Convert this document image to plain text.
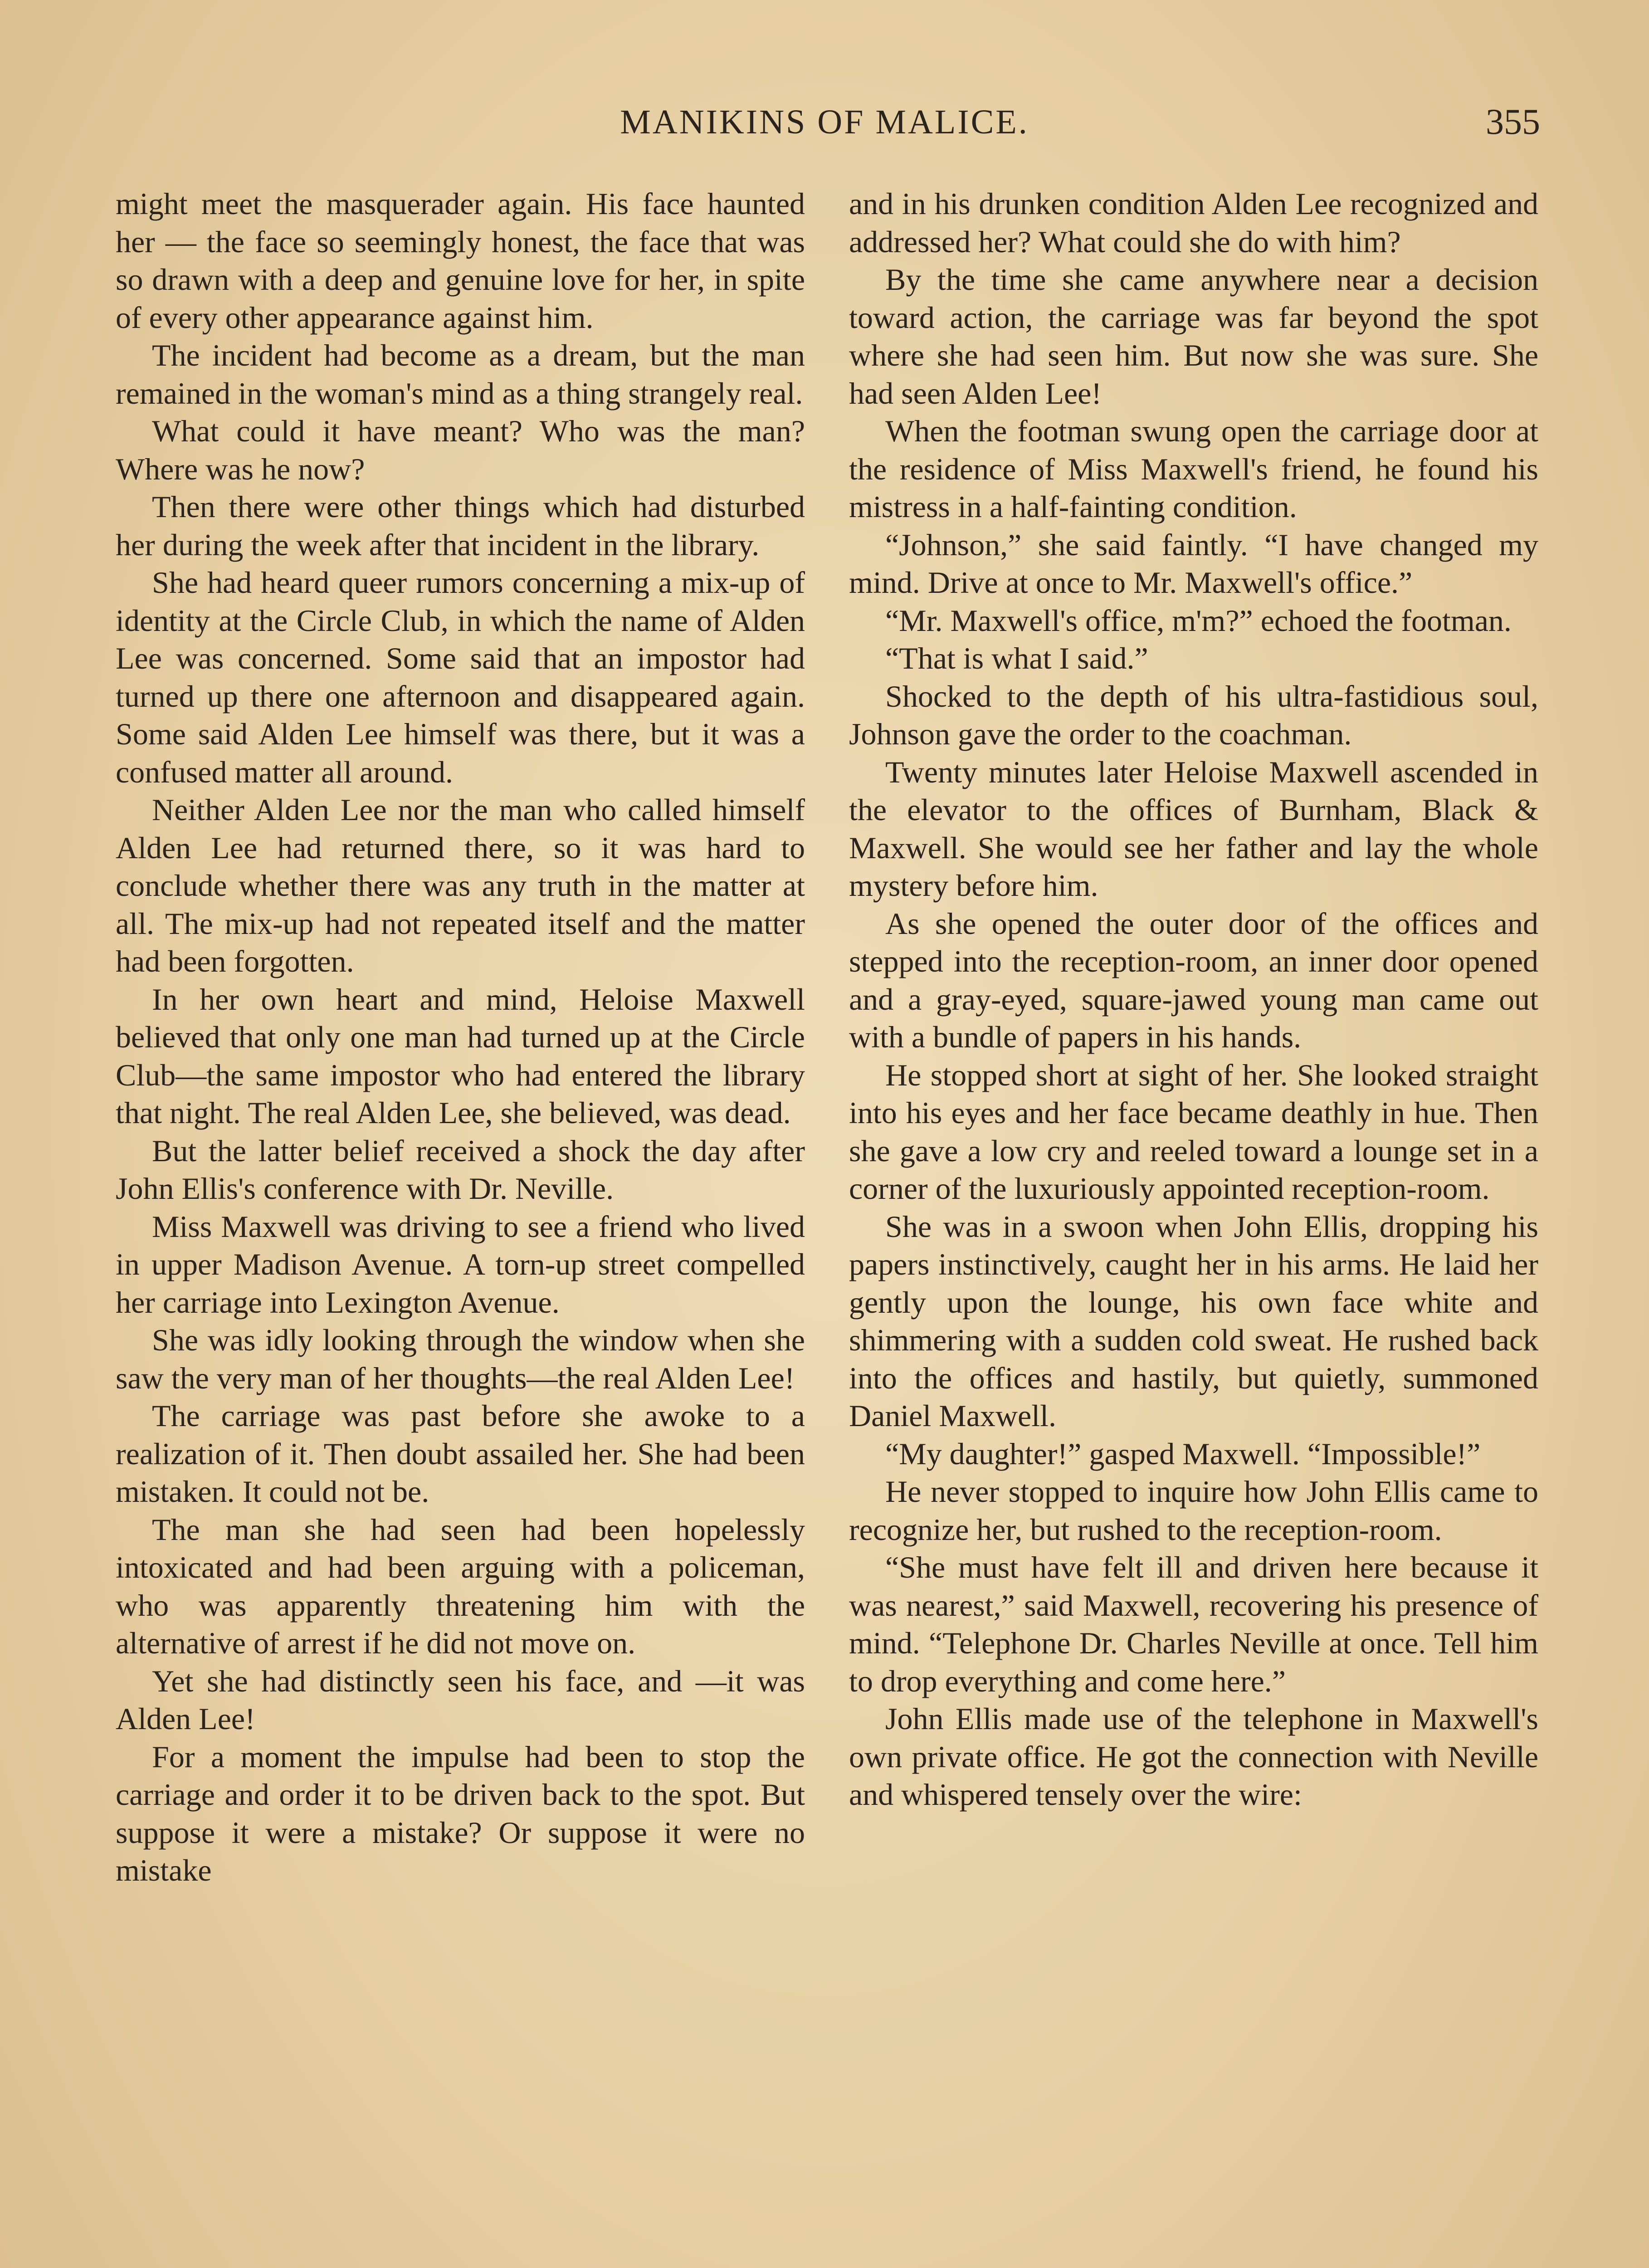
MANIKINS OF MALICE.	355

might meet the masquerader again. His face haunted her — the face so seemingly honest, the face that was so drawn with a deep and genuine love for her, in spite of every other appearance against him.

The incident had become as a dream, but the man remained in the woman's mind as a thing strangely real.

What could it have meant? Who was the man? Where was he now?

Then there were other things which had disturbed her during the week after that incident in the library.

She had heard queer rumors concerning a mix-up of identity at the Circle Club, in which the name of Alden Lee was concerned. Some said that an impostor had turned up there one afternoon and disappeared again. Some said Alden Lee himself was there, but it was a confused matter all around.

Neither Alden Lee nor the man who called himself Alden Lee had returned there, so it was hard to conclude whether there was any truth in the matter at all. The mix-up had not repeated itself and the matter had been forgotten.

In her own heart and mind, Heloise Maxwell believed that only one man had turned up at the Circle Club—the same impostor who had entered the library that night. The real Alden Lee, she believed, was dead.

But the latter belief received a shock the day after John Ellis's conference with Dr. Neville.

Miss Maxwell was driving to see a friend who lived in upper Madison Avenue. A torn-up street compelled her carriage into Lexington Avenue.

She was idly looking through the window when she saw the very man of her thoughts—the real Alden Lee!

The carriage was past before she awoke to a realization of it. Then doubt assailed her. She had been mistaken. It could not be.

The man she had seen had been hopelessly intoxicated and had been arguing with a policeman, who was apparently threatening him with the alternative of arrest if he did not move on.

Yet she had distinctly seen his face, and —it was Alden Lee!

For a moment the impulse had been to stop the carriage and order it to be driven back to the spot. But suppose it were a mistake? Or suppose it were no mistake

and in his drunken condition Alden Lee recognized and addressed her? What could she do with him?

By the time she came anywhere near a decision toward action, the carriage was far beyond the spot where she had seen him. But now she was sure. She had seen Alden Lee!

When the footman swung open the carriage door at the residence of Miss Maxwell's friend, he found his mistress in a half-fainting condition.

“Johnson,” she said faintly. “I have changed my mind. Drive at once to Mr. Maxwell's office.”

“Mr. Maxwell's office, m'm?” echoed the footman.

“That is what I said.”

Shocked to the depth of his ultra-fastidious soul, Johnson gave the order to the coachman.

Twenty minutes later Heloise Maxwell ascended in the elevator to the offices of Burnham, Black & Maxwell. She would see her father and lay the whole mystery before him.

As she opened the outer door of the offices and stepped into the reception-room, an inner door opened and a gray-eyed, square-jawed young man came out with a bundle of papers in his hands.

He stopped short at sight of her. She looked straight into his eyes and her face became deathly in hue. Then she gave a low cry and reeled toward a lounge set in a corner of the luxuriously appointed reception-room.

She was in a swoon when John Ellis, dropping his papers instinctively, caught her in his arms. He laid her gently upon the lounge, his own face white and shimmering with a sudden cold sweat. He rushed back into the offices and hastily, but quietly, summoned Daniel Maxwell.

“My daughter!” gasped Maxwell. “Impossible!”

He never stopped to inquire how John Ellis came to recognize her, but rushed to the reception-room.

“She must have felt ill and driven here because it was nearest,” said Maxwell, recovering his presence of mind. “Telephone Dr. Charles Neville at once. Tell him to drop everything and come here.”

John Ellis made use of the telephone in Maxwell's own private office. He got the connection with Neville and whispered tensely over the wire:
